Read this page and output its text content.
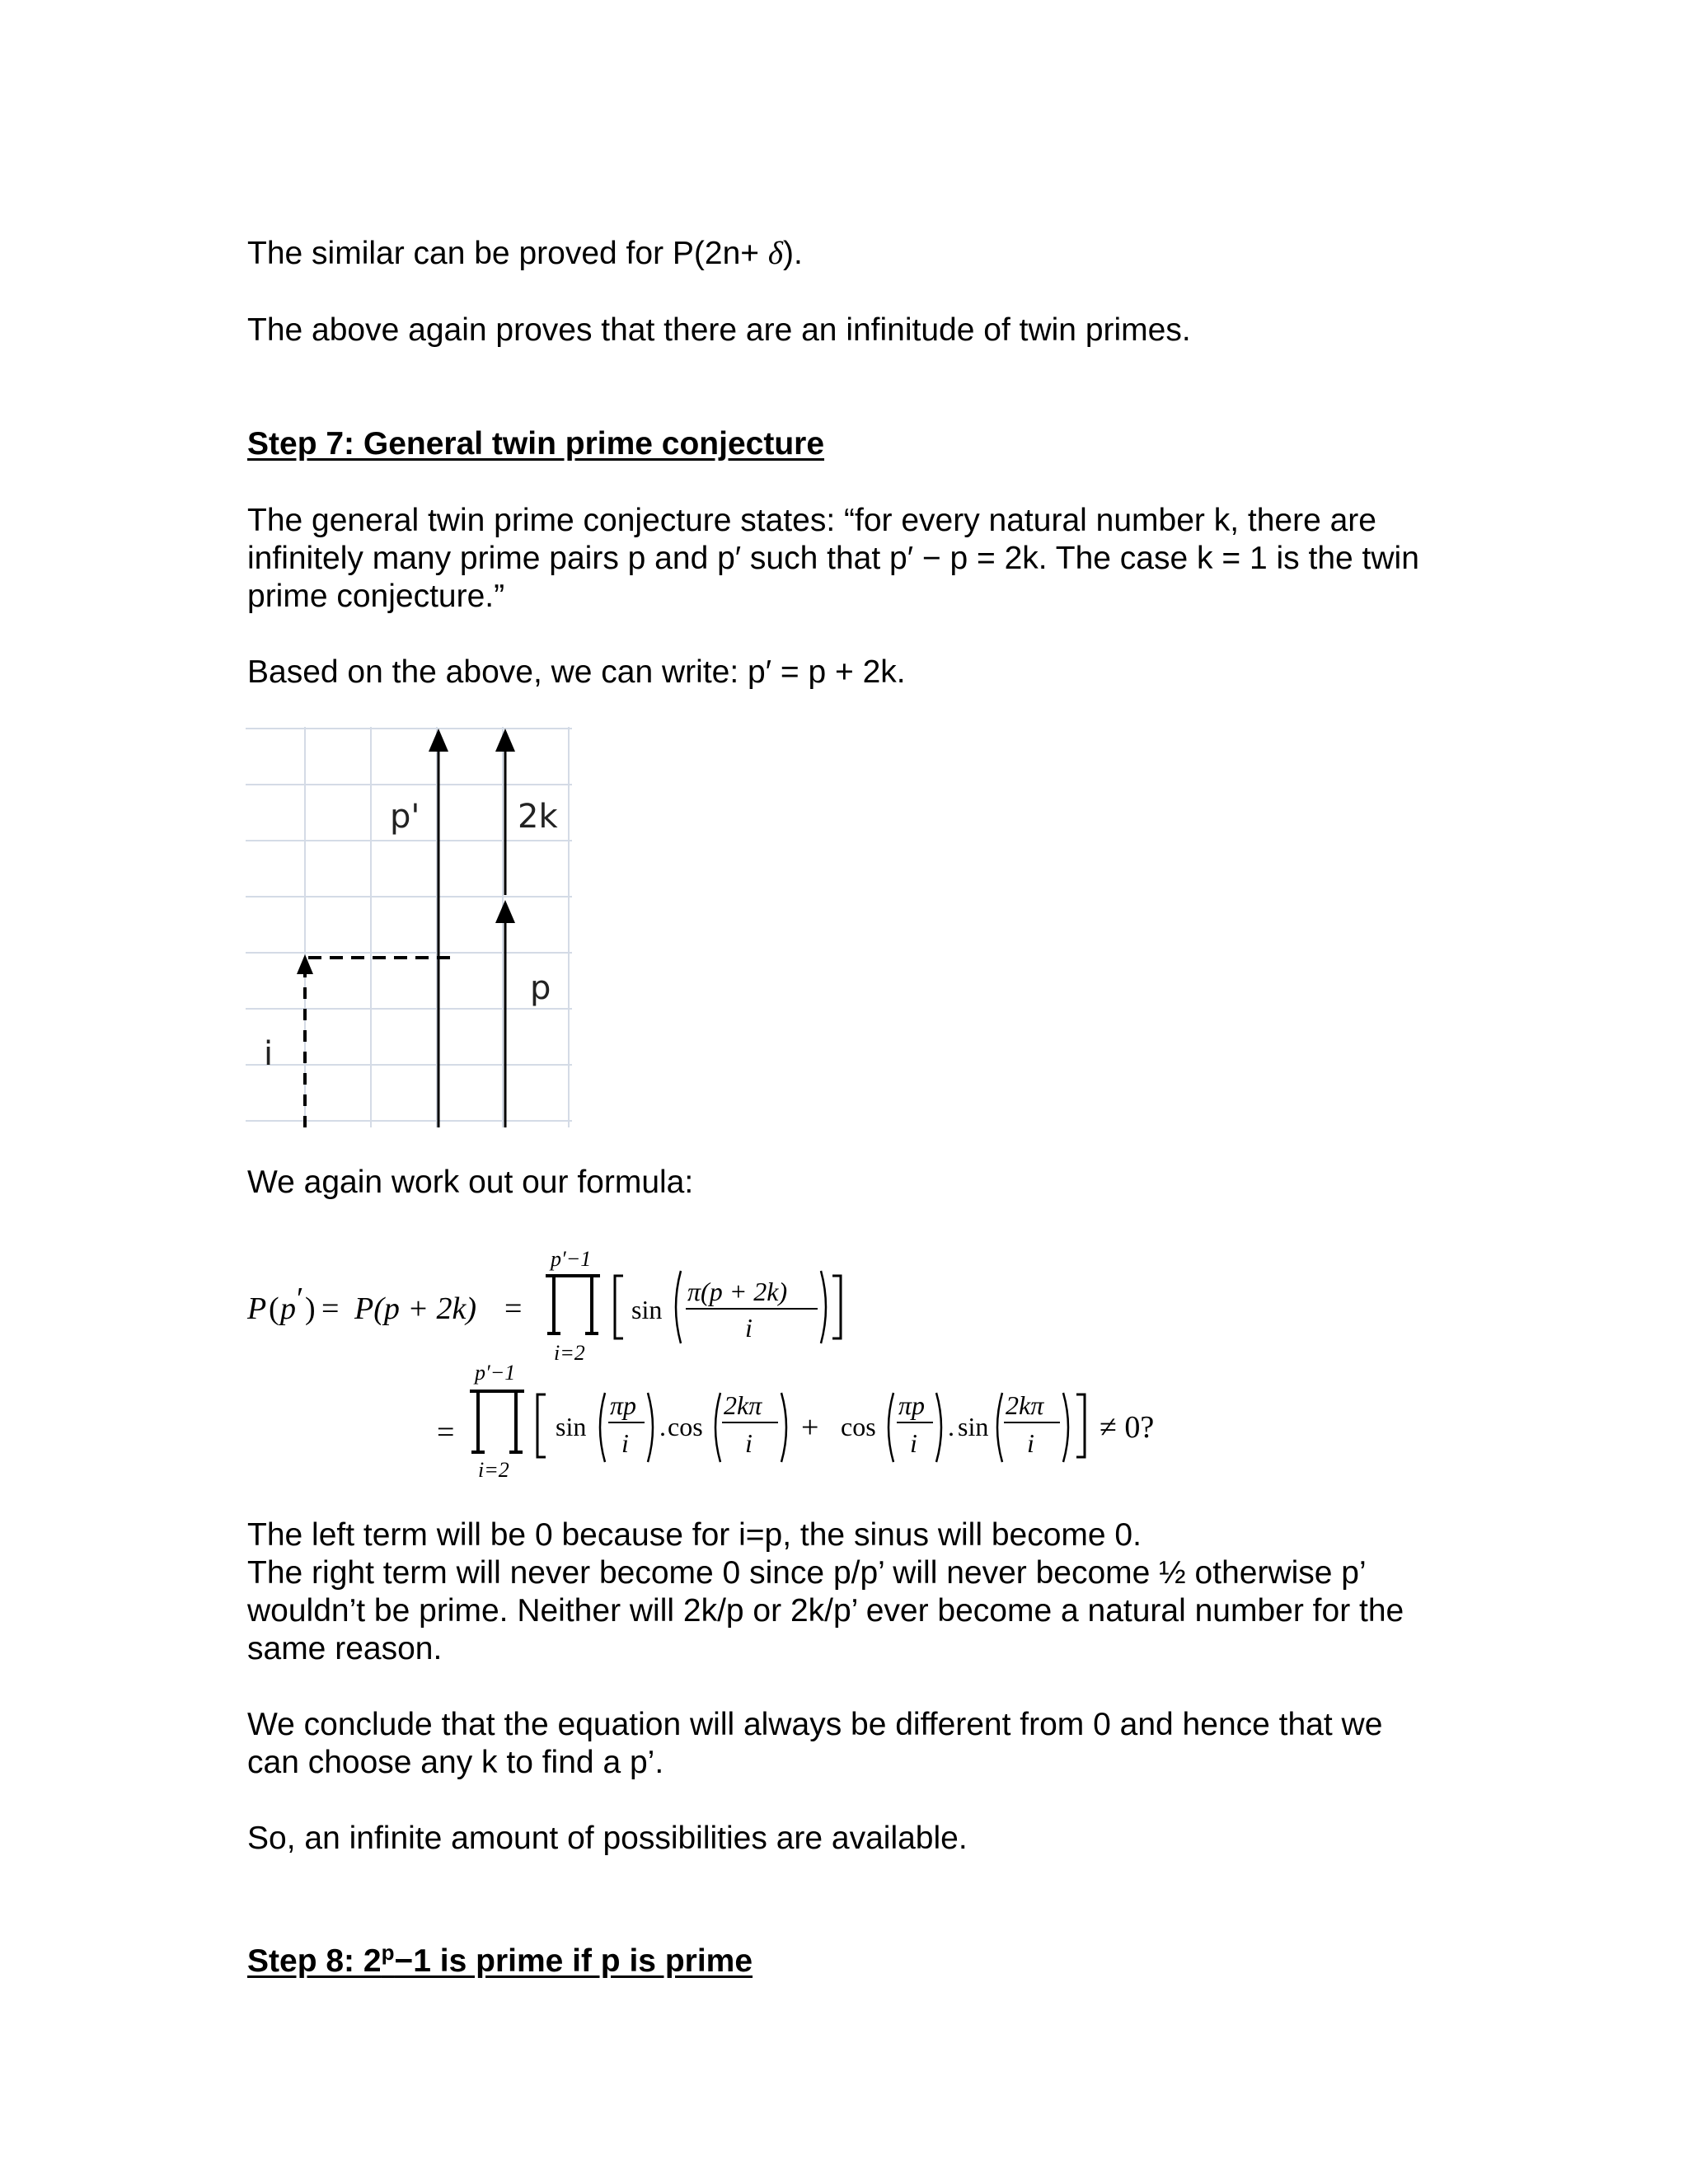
The similar can be proved for P(2n+ δ).

The above again proves that there are an infinitude of twin primes.

Step 7: General twin prime conjecture

The general twin prime conjecture states: “for every natural number k, there are infinitely many prime pairs p and p′ such that p′ − p = 2k. The case k = 1 is the twin prime conjecture.”

Based on the above, we can write: p′ = p + 2k.

p'	2k
p
i

We again work out our formula:

P ( p ′ ) = P(p + 2k) =
p′−1
i=2
sin
π(p + 2k)
i
=
p′−1
i=2
sin
πp
i
. cos
2kπ
i + cos
πp
i
. sin
2kπ
i ≠ 0?

The left term will be 0 because for i=p, the sinus will become 0.

The right term will never become 0 since p/p’ will never become ½ otherwise p’ wouldn’t be prime. Neither will 2k/p or 2k/p’ ever become a natural number for the same reason.

We conclude that the equation will always be different from 0 and hence that we can choose any k to find a p’.

So, an infinite amount of possibilities are available.

Step 8: $2^p-1$ is prime if p is prime
